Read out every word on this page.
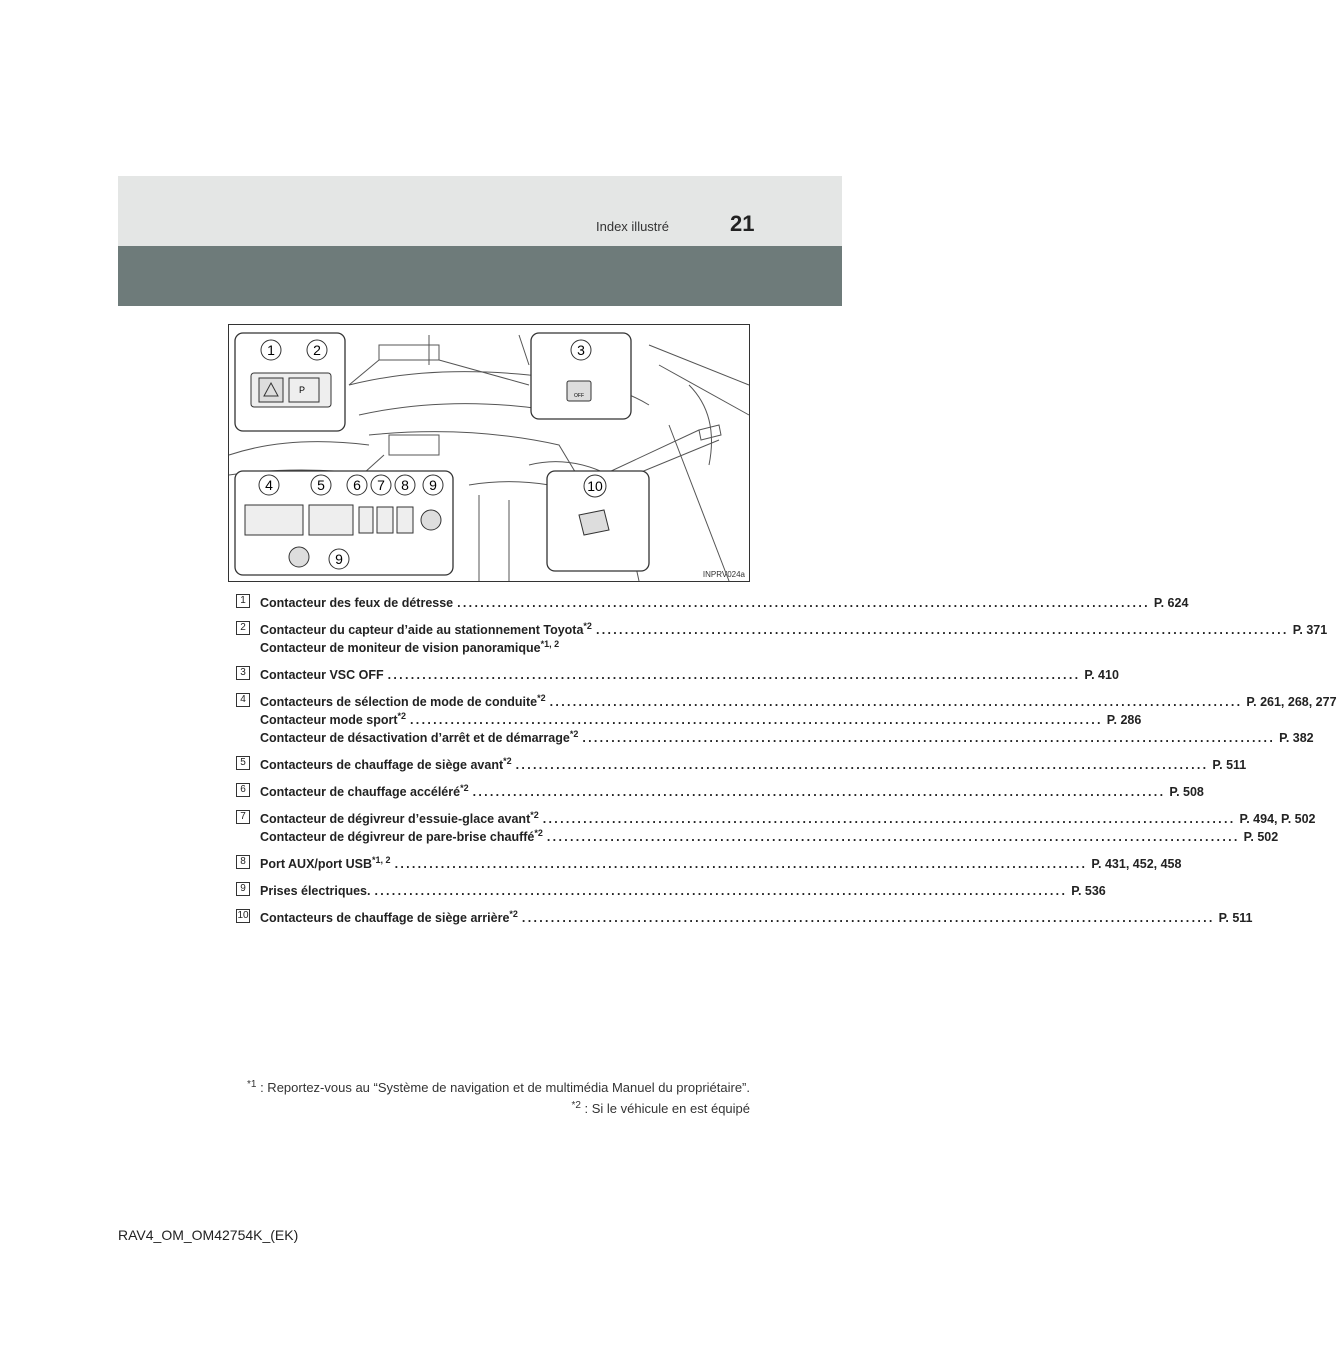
Index illustré	21
1	2
P
3
OFF
4	5 6 7 8 9
9
10
INPRV024a
1	Contacteur des feux de détresse ........................................................................................................................ P. 624
2	Contacteur du capteur d’aide au stationnement Toyota$^{*2}$ ........................................................................................................................ P. 371
Contacteur de moniteur de vision panoramique$^{*1, 2}$
3	Contacteur VSC OFF ........................................................................................................................ P. 410
4	Contacteurs de sélection de mode de conduite$^{*2}$ ........................................................................................................................ P. 261, 268, 277
Contacteur mode sport$^{*2}$ ........................................................................................................................ P. 286
Contacteur de désactivation d’arrêt et de démarrage$^{*2}$ ........................................................................................................................ P. 382
5	Contacteurs de chauffage de siège avant$^{*2}$ ........................................................................................................................ P. 511
6	Contacteur de chauffage accéléré$^{*2}$ ........................................................................................................................ P. 508
7	Contacteur de dégivreur d’essuie-glace avant$^{*2}$ ........................................................................................................................ P. 494, P. 502
Contacteur de dégivreur de pare-brise chauffé$^{*2}$ ........................................................................................................................ P. 502
8	Port AUX/port USB$^{*1, 2}$ ........................................................................................................................ P. 431, 452, 458
9	Prises électriques. ........................................................................................................................ P. 536
10 Contacteurs de chauffage de siège arrière$^{*2}$ ........................................................................................................................ P. 511
$^{*1}$ : Reportez-vous au “Système de navigation et de multimédia Manuel du propriétaire”.
$^{*2}$ : Si le véhicule en est équipé
RAV4_OM_OM42754K_(EK)
